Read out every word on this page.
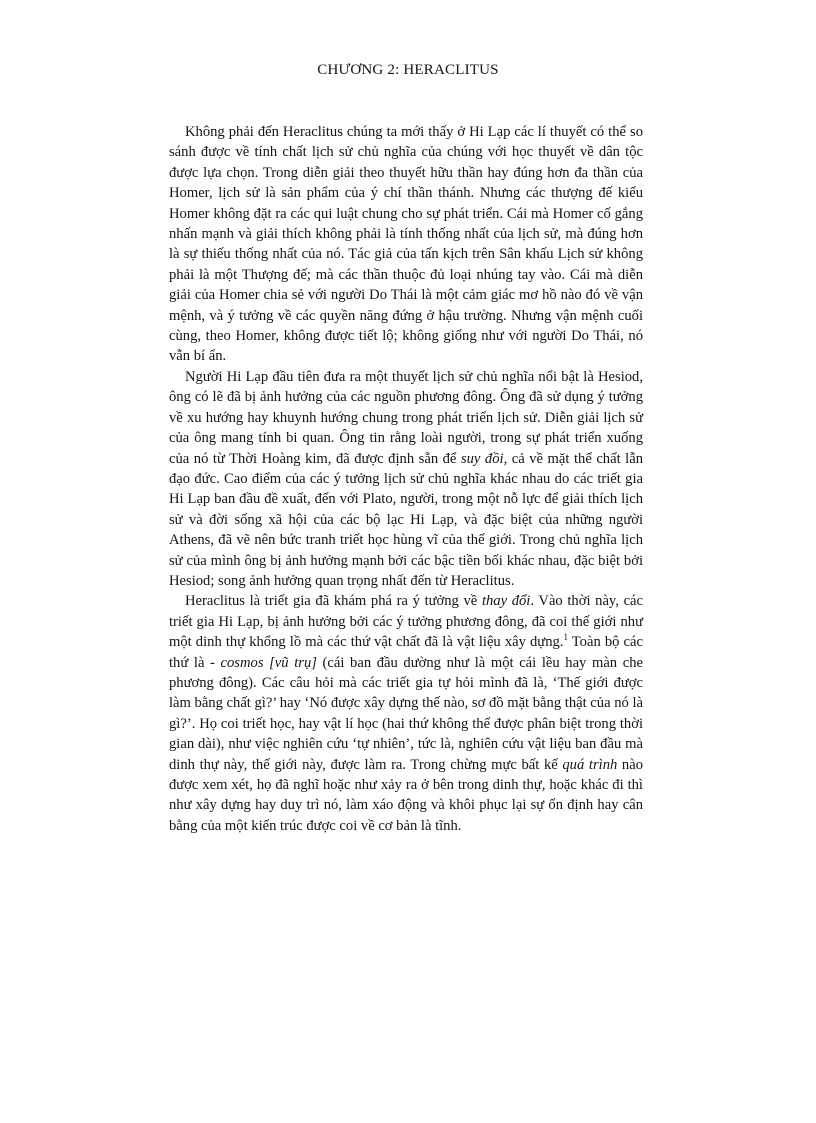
CHƯƠNG 2: HERACLITUS

Không phải đến Heraclitus chúng ta mới thấy ở Hi Lạp các lí thuyết có thể so sánh được về tính chất lịch sử chủ nghĩa của chúng với học thuyết về dân tộc được lựa chọn. Trong diễn giải theo thuyết hữu thần hay đúng hơn đa thần của Homer, lịch sử là sản phẩm của ý chí thần thánh. Nhưng các thượng đế kiểu Homer không đặt ra các qui luật chung cho sự phát triển. Cái mà Homer cố gắng nhấn mạnh và giải thích không phải là tính thống nhất của lịch sử, mà đúng hơn là sự thiếu thống nhất của nó. Tác giả của tấn kịch trên Sân khấu Lịch sử không phải là một Thượng đế; mà các thần thuộc đủ loại nhúng tay vào. Cái mà diễn giải của Homer chia sẻ với người Do Thái là một cảm giác mơ hồ nào đó về vận mệnh, và ý tưởng về các quyền năng đứng ở hậu trường. Nhưng vận mệnh cuối cùng, theo Homer, không được tiết lộ; không giống như với người Do Thái, nó vẫn bí ẩn.

Người Hi Lạp đầu tiên đưa ra một thuyết lịch sử chủ nghĩa nổi bật là Hesiod, ông có lẽ đã bị ảnh hưởng của các nguồn phương đông. Ông đã sử dụng ý tưởng về xu hướng hay khuynh hướng chung trong phát triển lịch sử. Diễn giải lịch sử của ông mang tính bi quan. Ông tin rằng loài người, trong sự phát triển xuống của nó từ Thời Hoàng kim, đã được định sẵn để suy đồi, cả về mặt thể chất lẫn đạo đức. Cao điểm của các ý tưởng lịch sử chủ nghĩa khác nhau do các triết gia Hi Lạp ban đầu đề xuất, đến với Plato, người, trong một nỗ lực để giải thích lịch sử và đời sống xã hội của các bộ lạc Hi Lạp, và đặc biệt của những người Athens, đã vẽ nên bức tranh triết học hùng vĩ của thế giới. Trong chủ nghĩa lịch sử của mình ông bị ảnh hưởng mạnh bởi các bậc tiền bối khác nhau, đặc biệt bởi Hesiod; song ảnh hưởng quan trọng nhất đến từ Heraclitus.

Heraclitus là triết gia đã khám phá ra ý tưởng về thay đổi. Vào thời này, các triết gia Hi Lạp, bị ảnh hưởng bởi các ý tưởng phương đông, đã coi thế giới như một dinh thự khổng lồ mà các thứ vật chất đã là vật liệu xây dựng.$^1$ Toàn bộ các thứ là - cosmos [vũ trụ] (cái ban đầu dường như là một cái lều hay màn che phương đông). Các câu hỏi mà các triết gia tự hỏi mình đã là, ‘Thế giới được làm bằng chất gì?’ hay ‘Nó được xây dựng thế nào, sơ đồ mặt bằng thật của nó là gì?’. Họ coi triết học, hay vật lí học (hai thứ không thể được phân biệt trong thời gian dài), như việc nghiên cứu ‘tự nhiên’, tức là, nghiên cứu vật liệu ban đầu mà dinh thự này, thế giới này, được làm ra. Trong chừng mực bất kể quá trình nào được xem xét, họ đã nghĩ hoặc như xảy ra ở bên trong dinh thự, hoặc khác đi thì như xây dựng hay duy trì nó, làm xáo động và khôi phục lại sự ổn định hay cân bằng của một kiến trúc được coi về cơ bản là tĩnh.
